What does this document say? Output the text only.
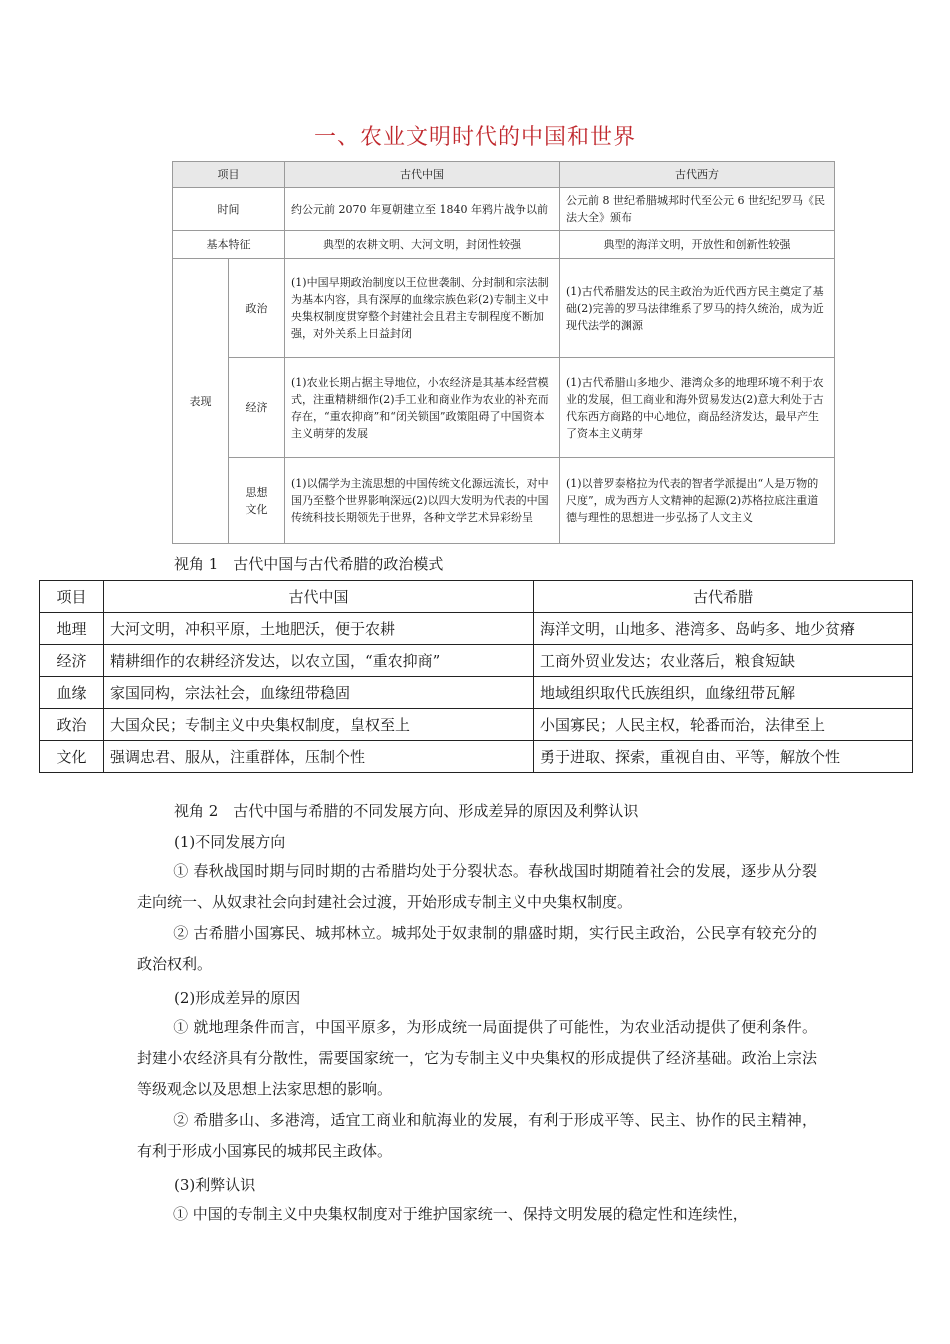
一、农业文明时代的中国和世界
项目		古代中国	古代西方
时间		约公元前 2070 年夏朝建立至 1840 年鸦片战争以前	公元前 8 世纪希腊城邦时代至公元 6 世纪纪罗马《民法大全》颁布
基本特征		典型的农耕文明、大河文明，封闭性较强	典型的海洋文明，开放性和创新性较强
表现	政治	(1)中国早期政治制度以王位世袭制、分封制和宗法制为基本内容，具有深厚的血缘宗族色彩(2)专制主义中央集权制度贯穿整个封建社会且君主专制程度不断加强，对外关系上日益封闭	(1)古代希腊发达的民主政治为近代西方民主奠定了基础(2)完善的罗马法律维系了罗马的持久统治，成为近现代法学的渊源
	经济	(1)农业长期占据主导地位，小农经济是其基本经营模式，注重精耕细作(2)手工业和商业作为农业的补充而存在，“重农抑商”和“闭关锁国”政策阻碍了中国资本主义萌芽的发展	(1)古代希腊山多地少、港湾众多的地理环境不利于农业的发展，但工商业和海外贸易发达(2)意大利处于古代东西方商路的中心地位，商品经济发达，最早产生了资本主义萌芽
	思想文化	(1)以儒学为主流思想的中国传统文化源远流长，对中国乃至整个世界影响深远(2)以四大发明为代表的中国传统科技长期领先于世界，各种文学艺术异彩纷呈	(1)以普罗泰格拉为代表的智者学派提出“人是万物的尺度”，成为西方人文精神的起源(2)苏格拉底注重道德与理性的思想进一步弘扬了人文主义
视角 1　古代中国与古代希腊的政治模式
项目	古代中国	古代希腊
地理	大河文明，冲积平原，土地肥沃，便于农耕	海洋文明，山地多、港湾多、岛屿多、地少贫瘠
经济	精耕细作的农耕经济发达，以农立国，“重农抑商”	工商外贸业发达；农业落后，粮食短缺
血缘	家国同构，宗法社会，血缘纽带稳固	地域组织取代氏族组织，血缘纽带瓦解
政治	大国众民；专制主义中央集权制度，皇权至上	小国寡民；人民主权，轮番而治，法律至上
文化	强调忠君、服从，注重群体，压制个性	勇于进取、探索，重视自由、平等，解放个性
视角 2　古代中国与希腊的不同发展方向、形成差异的原因及利弊认识
(1)不同发展方向
① 春秋战国时期与同时期的古希腊均处于分裂状态。春秋战国时期随着社会的发展，逐步从分裂走向统一、从奴隶社会向封建社会过渡，开始形成专制主义中央集权制度。
② 古希腊小国寡民、城邦林立。城邦处于奴隶制的鼎盛时期，实行民主政治，公民享有较充分的政治权利。
(2)形成差异的原因
① 就地理条件而言，中国平原多，为形成统一局面提供了可能性，为农业活动提供了便利条件。封建小农经济具有分散性，需要国家统一，它为专制主义中央集权的形成提供了经济基础。政治上宗法等级观念以及思想上法家思想的影响。
② 希腊多山、多港湾，适宜工商业和航海业的发展，有利于形成平等、民主、协作的民主精神，有利于形成小国寡民的城邦民主政体。
(3)利弊认识
① 中国的专制主义中央集权制度对于维护国家统一、保持文明发展的稳定性和连续性，
